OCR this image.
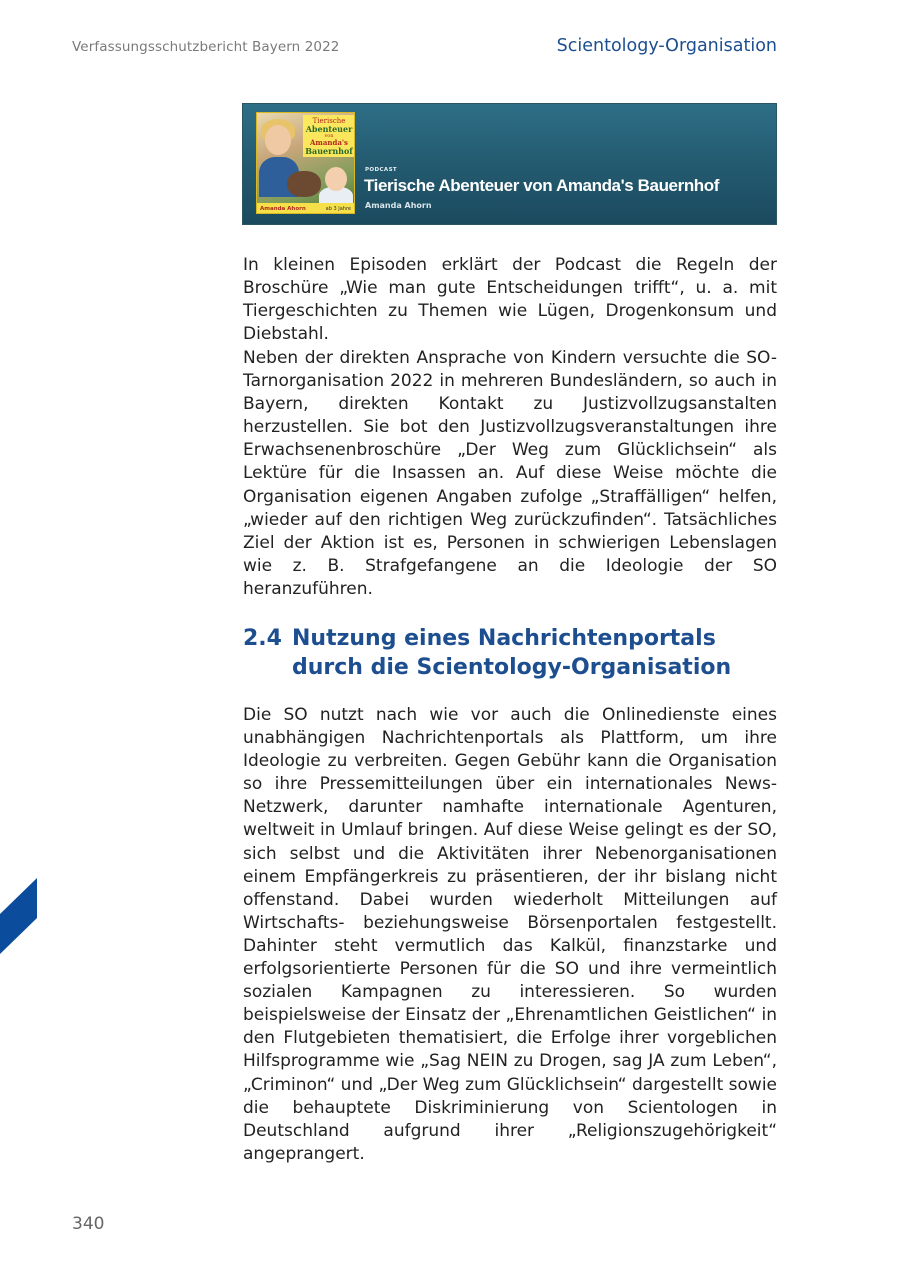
Verfassungsschutzbericht Bayern 2022	Scientology-Organisation
Tierische
Abenteuer
von
Amanda's
Bauernhof
Amanda Ahorn	ab 3 Jahre
PODCAST
Tierische Abenteuer von Amanda's Bauernhof
Amanda Ahorn

In kleinen Episoden erklärt der Podcast die Regeln der Broschüre „Wie man gute Entscheidungen trifft“, u. a. mit Tiergeschichten zu Themen wie Lügen, Drogenkonsum und Diebstahl.

Neben der direkten Ansprache von Kindern versuchte die SO-Tarnorganisation 2022 in mehreren Bundesländern, so auch in Bayern, direkten Kontakt zu Justizvollzugsanstalten herzustellen. Sie bot den Justizvollzugsveranstaltungen ihre Erwachsenenbroschüre „Der Weg zum Glücklichsein“ als Lektüre für die Insassen an. Auf diese Weise möchte die Organisation eigenen Angaben zufolge „Straffälligen“ helfen, „wieder auf den richtigen Weg zurückzufinden“. Tatsächliches Ziel der Aktion ist es, Personen in schwierigen Lebenslagen wie z. B. Strafgefangene an die Ideologie der SO heranzuführen.

2.4 Nutzung eines Nachrichtenportals durch die Scientology-Organisation

Die SO nutzt nach wie vor auch die Onlinedienste eines unabhängigen Nachrichtenportals als Plattform, um ihre Ideologie zu verbreiten. Gegen Gebühr kann die Organisation so ihre Pressemitteilungen über ein internationales News-Netzwerk, darunter namhafte internationale Agenturen, weltweit in Umlauf bringen. Auf diese Weise gelingt es der SO, sich selbst und die Aktivitäten ihrer Nebenorganisationen einem Empfängerkreis zu präsentieren, der ihr bislang nicht offenstand. Dabei wurden wiederholt Mitteilungen auf Wirtschafts- beziehungsweise Börsenportalen festgestellt. Dahinter steht vermutlich das Kalkül, finanzstarke und erfolgsorientierte Personen für die SO und ihre vermeintlich sozialen Kampagnen zu interessieren. So wurden beispielsweise der Einsatz der „Ehrenamtlichen Geistlichen“ in den Flutgebieten thematisiert, die Erfolge ihrer vorgeblichen Hilfsprogramme wie „Sag NEIN zu Drogen, sag JA zum Leben“, „Criminon“ und „Der Weg zum Glücklichsein“ dargestellt sowie die behauptete Diskriminierung von Scientologen in Deutschland aufgrund ihrer „Religionszugehörigkeit“ angeprangert.

340
